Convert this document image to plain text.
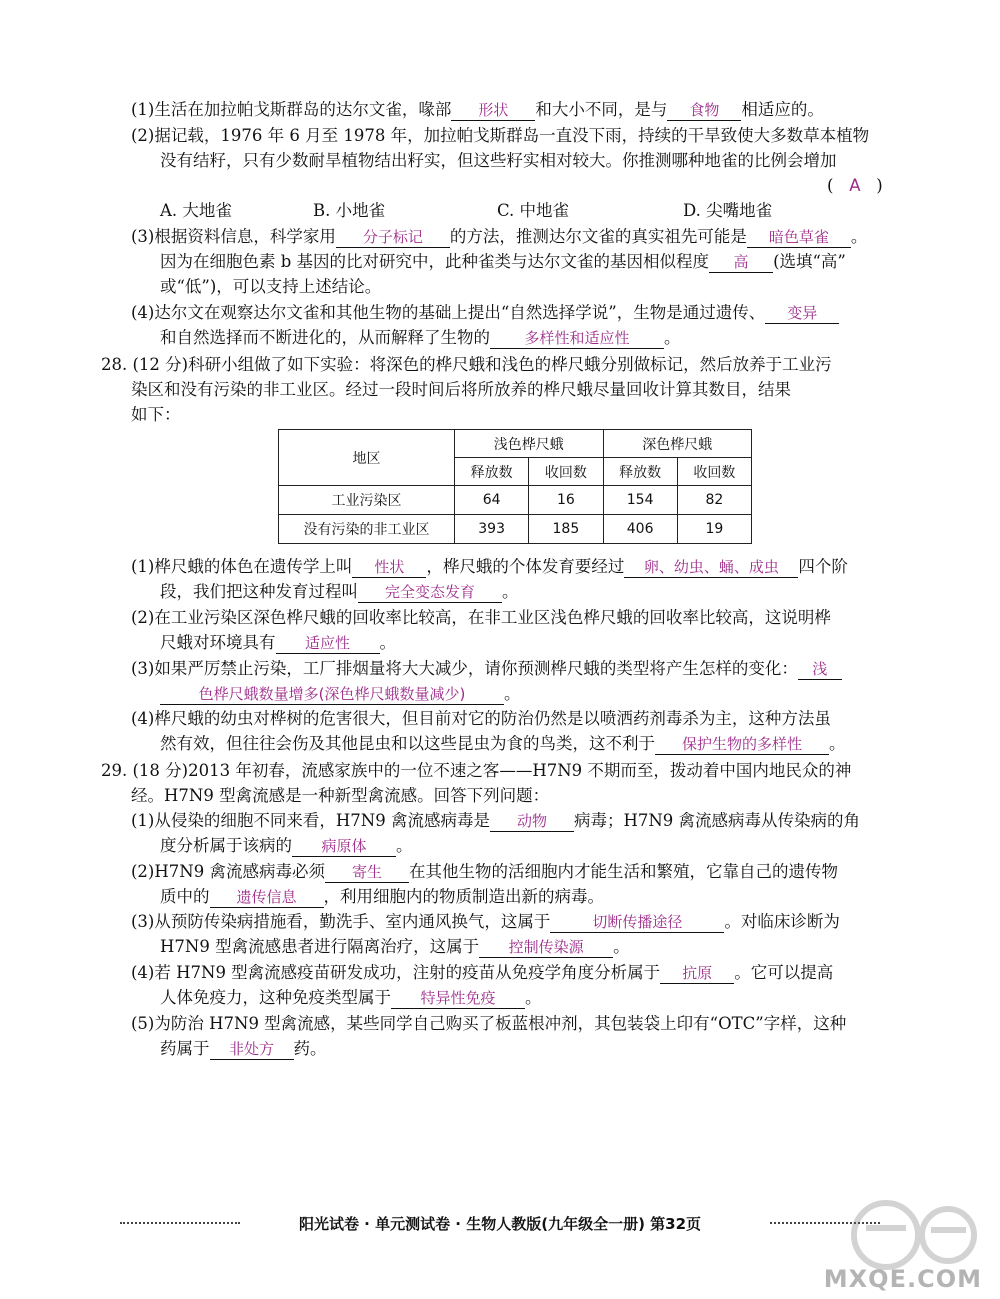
(1)生活在加拉帕戈斯群岛的达尔文雀，喙部 形状 和大小不同，是与 食物 相适应的。
(2)据记载，1976 年 6 月至 1978 年，加拉帕戈斯群岛一直没下雨，持续的干旱致使大多数草本植物
没有结籽，只有少数耐旱植物结出籽实，但这些籽实相对较大。你推测哪种地雀的比例会增加
( A )
A. 大地雀	B. 小地雀	C. 中地雀	D. 尖嘴地雀
(3)根据资料信息，科学家用 分子标记 的方法，推测达尔文雀的真实祖先可能是 暗色草雀 。
因为在细胞色素 b 基因的比对研究中，此种雀类与达尔文雀的基因相似程度 高 (选填“高”
或“低”)，可以支持上述结论。
(4)达尔文在观察达尔文雀和其他生物的基础上提出“自然选择学说”，生物是通过遗传、 变异
和自然选择而不断进化的，从而解释了生物的 多样性和适应性 。
28. (12 分)科研小组做了如下实验：将深色的桦尺蛾和浅色的桦尺蛾分别做标记，然后放养于工业污
染区和没有污染的非工业区。经过一段时间后将所放养的桦尺蛾尽量回收计算其数目，结果
如下：
地区	浅色桦尺蛾		深色桦尺蛾	
	释放数	收回数	释放数	收回数
工业污染区	64	16	154	82
没有污染的非工业区	393	185	406	19
(1)桦尺蛾的体色在遗传学上叫 性状 ，桦尺蛾的个体发育要经过 卵、幼虫、蛹、成虫 四个阶
段，我们把这种发育过程叫 完全变态发育 。
(2)在工业污染区深色桦尺蛾的回收率比较高，在非工业区浅色桦尺蛾的回收率比较高，这说明桦
尺蛾对环境具有 适应性 。
(3)如果严厉禁止污染，工厂排烟量将大大减少，请你预测桦尺蛾的类型将产生怎样的变化： 浅
色桦尺蛾数量增多(深色桦尺蛾数量减少) 。
(4)桦尺蛾的幼虫对桦树的危害很大，但目前对它的防治仍然是以喷洒药剂毒杀为主，这种方法虽
然有效，但往往会伤及其他昆虫和以这些昆虫为食的鸟类，这不利于 保护生物的多样性 。
29. (18 分)2013 年初春，流感家族中的一位不速之客——H7N9 不期而至，拨动着中国内地民众的神
经。H7N9 型禽流感是一种新型禽流感。回答下列问题：
(1)从侵染的细胞不同来看，H7N9 禽流感病毒是 动物 病毒；H7N9 禽流感病毒从传染病的角
度分析属于该病的 病原体 。
(2)H7N9 禽流感病毒必须 寄生 在其他生物的活细胞内才能生活和繁殖，它靠自己的遗传物
质中的 遗传信息 ，利用细胞内的物质制造出新的病毒。
(3)从预防传染病措施看，勤洗手、室内通风换气，这属于	切断传播途径	。对临床诊断为
H7N9 型禽流感患者进行隔离治疗，这属于 控制传染源 。
(4)若 H7N9 型禽流感疫苗研发成功，注射的疫苗从免疫学角度分析属于 抗原 。它可以提高
人体免疫力，这种免疫类型属于 特异性免疫 。
(5)为防治 H7N9 型禽流感，某些同学自己购买了板蓝根冲剂，其包装袋上印有“OTC”字样，这种
药属于 非处方 药。
阳光试卷 · 单元测试卷 · 生物人教版(九年级全一册) 第32页
MXQE.COM
